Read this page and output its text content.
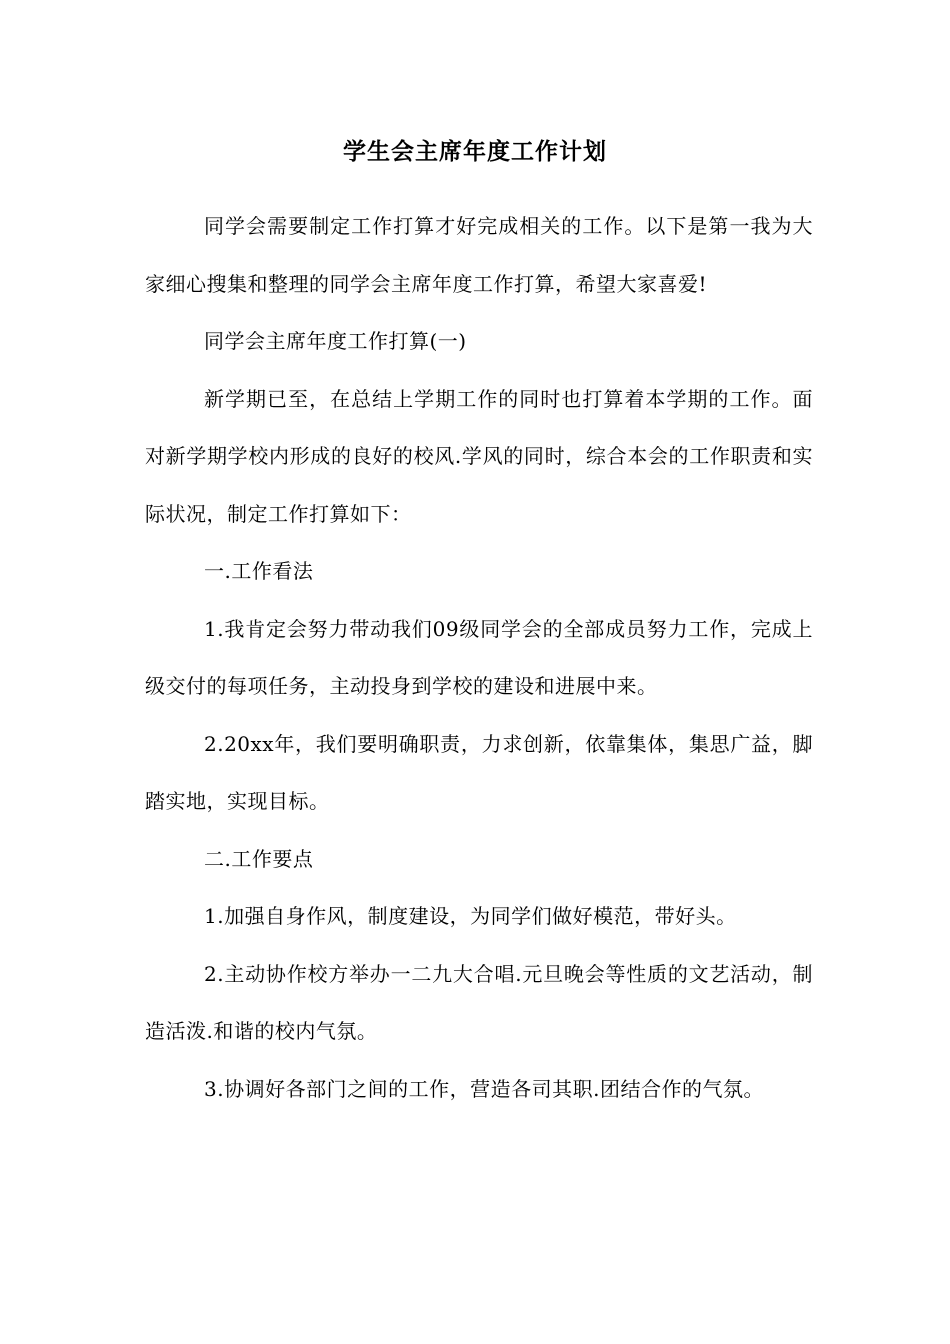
学生会主席年度工作计划

同学会需要制定工作打算才好完成相关的工作。以下是第一我为大家细心搜集和整理的同学会主席年度工作打算，希望大家喜爱!

同学会主席年度工作打算(一)

新学期已至，在总结上学期工作的同时也打算着本学期的工作。面对新学期学校内形成的良好的校风.学风的同时，综合本会的工作职责和实际状况，制定工作打算如下：

一.工作看法

1.我肯定会努力带动我们09级同学会的全部成员努力工作，完成上级交付的每项任务，主动投身到学校的建设和进展中来。

2.20xx年，我们要明确职责，力求创新，依靠集体，集思广益，脚踏实地，实现目标。

二.工作要点

1.加强自身作风，制度建设，为同学们做好模范，带好头。

2.主动协作校方举办一二九大合唱.元旦晚会等性质的文艺活动，制造活泼.和谐的校内气氛。

3.协调好各部门之间的工作，营造各司其职.团结合作的气氛。
